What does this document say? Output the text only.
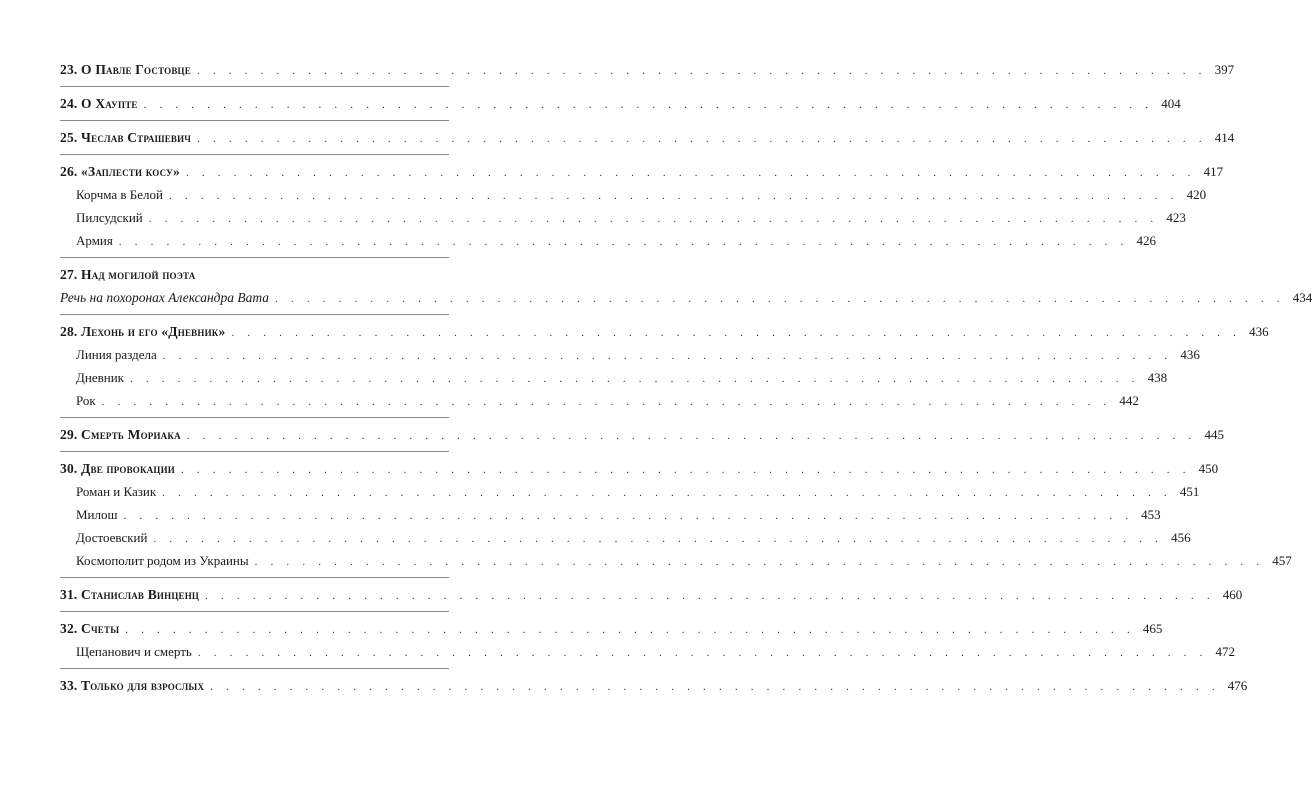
23. О Павле Гостовце . . . . . . . . . . . . . . . . . . . . . . . . . . . . . . . . . . . . . . . . . . . . . . . . . . . . . . . . . . . . . . . . 397
24. О Хаупте . . . . . . . . . . . . . . . . . . . . . . . . . . . . . . . . . . . . . . . . . . . . . . . . . . . . . . . . . . . . . . . . 404
25. Чеслав Страшевич . . . . . . . . . . . . . . . . . . . . . . . . . . . . . . . . . . . . . . . . . . . . . . . . . . . . . . . . . . . . . . . . 414
26. «Заплести косу» . . . . . . . . . . . . . . . . . . . . . . . . . . . . . . . . . . . . . . . . . . . . . . . . . . . . . . . . . . . . . . . . 417
Корчма в Белой . . . . . . . . . . . . . . . . . . . . . . . . . . . . . . . . . . . . . . . . . . . . . . . . . . . . . . . . . . . . . . . . 420
Пилсудский . . . . . . . . . . . . . . . . . . . . . . . . . . . . . . . . . . . . . . . . . . . . . . . . . . . . . . . . . . . . . . . . 423
Армия . . . . . . . . . . . . . . . . . . . . . . . . . . . . . . . . . . . . . . . . . . . . . . . . . . . . . . . . . . . . . . . . 426
27. Над могилой поэта
Речь на похоронах Александра Вата . . . . . . . . . . . . . . . . . . . . . . . . . . . . . . . . . . . . . . . . . . . . . . . . . . . . . . . . . . . . . . . . 434
28. Лехонь и его «Дневник» . . . . . . . . . . . . . . . . . . . . . . . . . . . . . . . . . . . . . . . . . . . . . . . . . . . . . . . . . . . . . . . . 436
Линия раздела . . . . . . . . . . . . . . . . . . . . . . . . . . . . . . . . . . . . . . . . . . . . . . . . . . . . . . . . . . . . . . . . 436
Дневник . . . . . . . . . . . . . . . . . . . . . . . . . . . . . . . . . . . . . . . . . . . . . . . . . . . . . . . . . . . . . . . . 438
Рок . . . . . . . . . . . . . . . . . . . . . . . . . . . . . . . . . . . . . . . . . . . . . . . . . . . . . . . . . . . . . . . . 442
29. Смерть Мориака . . . . . . . . . . . . . . . . . . . . . . . . . . . . . . . . . . . . . . . . . . . . . . . . . . . . . . . . . . . . . . . . 445
30. Две провокации . . . . . . . . . . . . . . . . . . . . . . . . . . . . . . . . . . . . . . . . . . . . . . . . . . . . . . . . . . . . . . . . 450
Роман и Казик . . . . . . . . . . . . . . . . . . . . . . . . . . . . . . . . . . . . . . . . . . . . . . . . . . . . . . . . . . . . . . . . 451
Милош . . . . . . . . . . . . . . . . . . . . . . . . . . . . . . . . . . . . . . . . . . . . . . . . . . . . . . . . . . . . . . . . 453
Достоевский . . . . . . . . . . . . . . . . . . . . . . . . . . . . . . . . . . . . . . . . . . . . . . . . . . . . . . . . . . . . . . . . 456
Космополит родом из Украины . . . . . . . . . . . . . . . . . . . . . . . . . . . . . . . . . . . . . . . . . . . . . . . . . . . . . . . . . . . . . . . . 457
31. Станислав Винценц . . . . . . . . . . . . . . . . . . . . . . . . . . . . . . . . . . . . . . . . . . . . . . . . . . . . . . . . . . . . . . . . 460
32. Счеты . . . . . . . . . . . . . . . . . . . . . . . . . . . . . . . . . . . . . . . . . . . . . . . . . . . . . . . . . . . . . . . . 465
Щепанович и смерть . . . . . . . . . . . . . . . . . . . . . . . . . . . . . . . . . . . . . . . . . . . . . . . . . . . . . . . . . . . . . . . . 472
33. Только для взрослых . . . . . . . . . . . . . . . . . . . . . . . . . . . . . . . . . . . . . . . . . . . . . . . . . . . . . . . . . . . . . . . . 476
